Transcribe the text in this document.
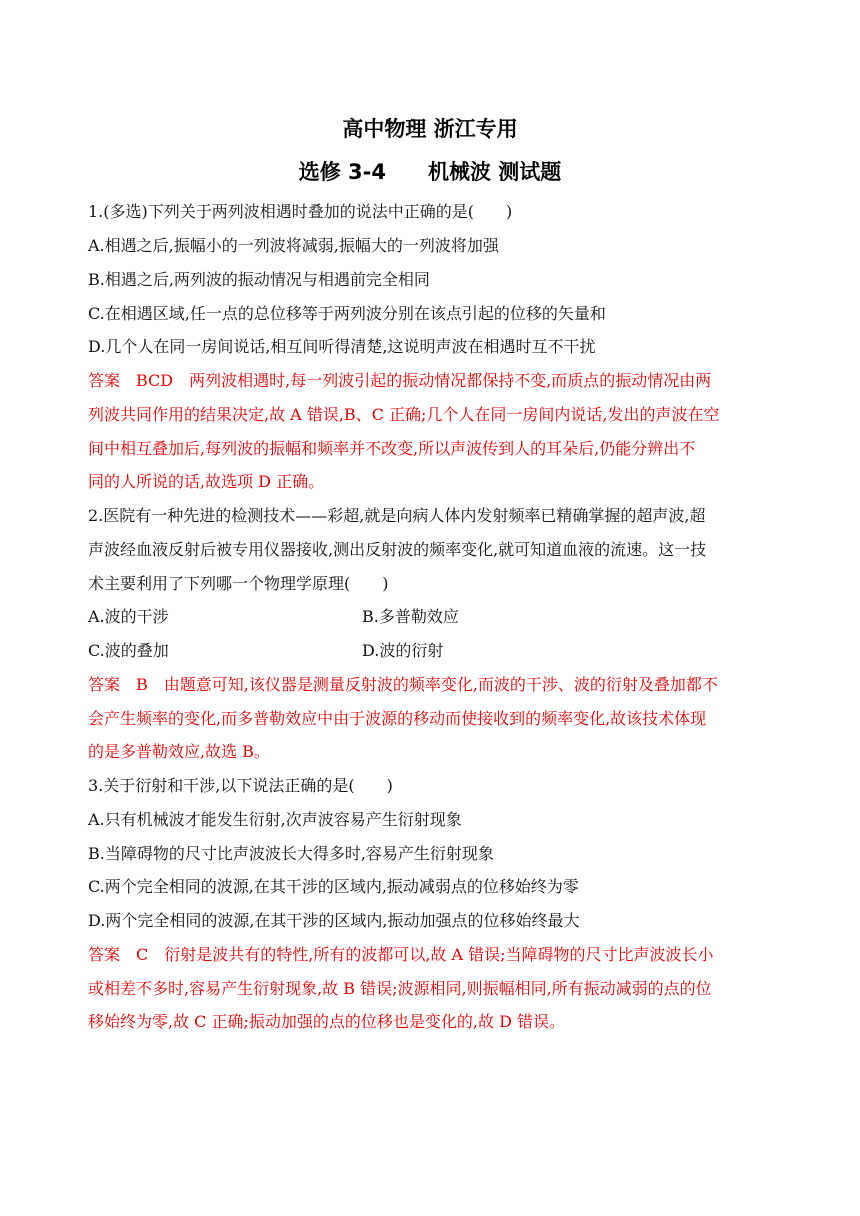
高中物理 浙江专用
选修 3-4　　机械波 测试题
1.(多选)下列关于两列波相遇时叠加的说法中正确的是(　　)
A.相遇之后,振幅小的一列波将减弱,振幅大的一列波将加强
B.相遇之后,两列波的振动情况与相遇前完全相同
C.在相遇区域,任一点的总位移等于两列波分别在该点引起的位移的矢量和
D.几个人在同一房间说话,相互间听得清楚,这说明声波在相遇时互不干扰
答案　BCD　两列波相遇时,每一列波引起的振动情况都保持不变,而质点的振动情况由两
列波共同作用的结果决定,故 A 错误,B、C 正确;几个人在同一房间内说话,发出的声波在空
间中相互叠加后,每列波的振幅和频率并不改变,所以声波传到人的耳朵后,仍能分辨出不
同的人所说的话,故选项 D 正确。
2.医院有一种先进的检测技术——彩超,就是向病人体内发射频率已精确掌握的超声波,超
声波经血液反射后被专用仪器接收,测出反射波的频率变化,就可知道血液的流速。这一技
术主要利用了下列哪一个物理学原理(　　)
A.波的干涉	B.多普勒效应
C.波的叠加	D.波的衍射
答案　B　由题意可知,该仪器是测量反射波的频率变化,而波的干涉、波的衍射及叠加都不
会产生频率的变化,而多普勒效应中由于波源的移动而使接收到的频率变化,故该技术体现
的是多普勒效应,故选 B。
3.关于衍射和干涉,以下说法正确的是(　　)
A.只有机械波才能发生衍射,次声波容易产生衍射现象
B.当障碍物的尺寸比声波波长大得多时,容易产生衍射现象
C.两个完全相同的波源,在其干涉的区域内,振动减弱点的位移始终为零
D.两个完全相同的波源,在其干涉的区域内,振动加强点的位移始终最大
答案　C　衍射是波共有的特性,所有的波都可以,故 A 错误;当障碍物的尺寸比声波波长小
或相差不多时,容易产生衍射现象,故 B 错误;波源相同,则振幅相同,所有振动减弱的点的位
移始终为零,故 C 正确;振动加强的点的位移也是变化的,故 D 错误。
